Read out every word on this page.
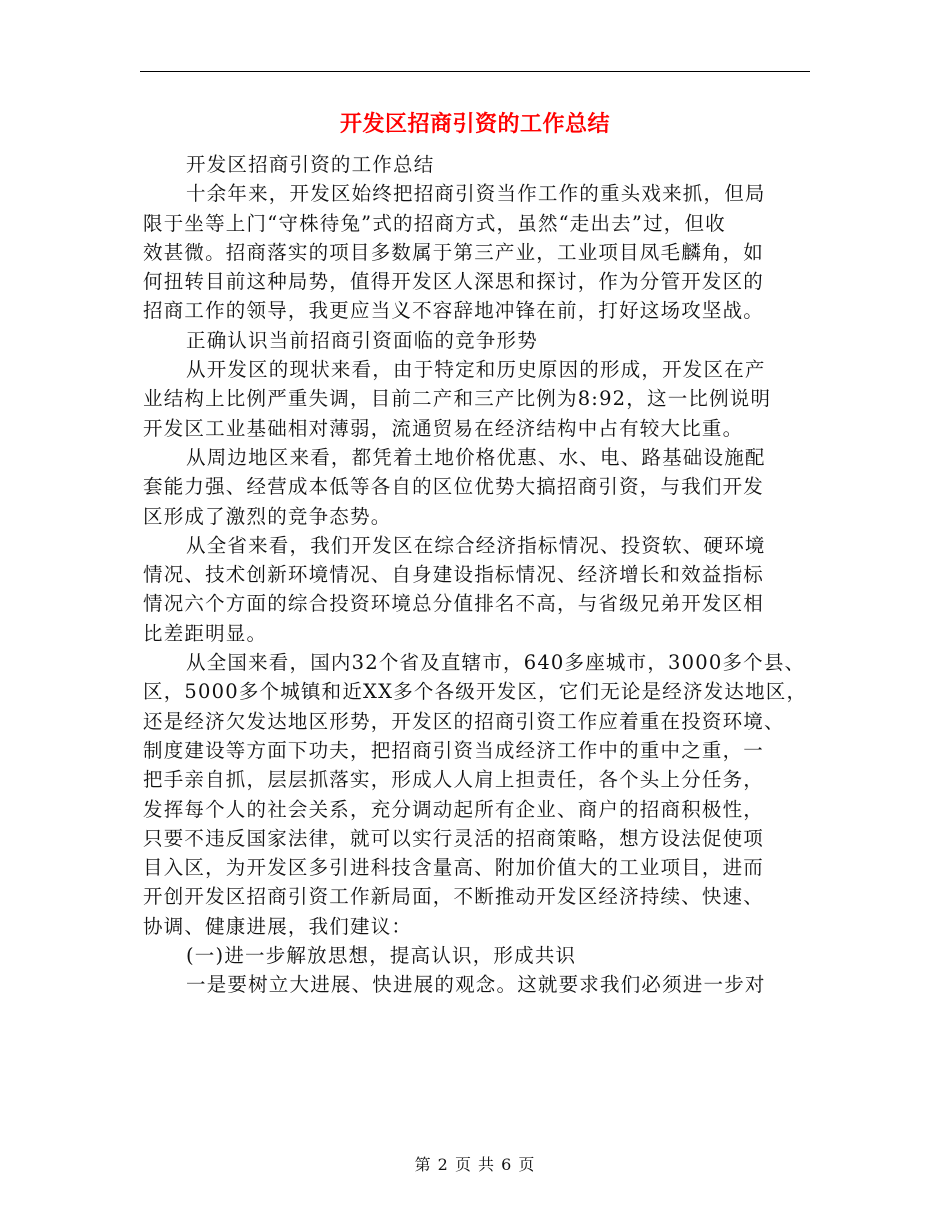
开发区招商引资的工作总结
开发区招商引资的工作总结
十余年来，开发区始终把招商引资当作工作的重头戏来抓，但局
限于坐等上门“守株待兔”式的招商方式，虽然“走出去”过，但收
效甚微。招商落实的项目多数属于第三产业，工业项目凤毛麟角，如
何扭转目前这种局势，值得开发区人深思和探讨，作为分管开发区的
招商工作的领导，我更应当义不容辞地冲锋在前，打好这场攻坚战。
正确认识当前招商引资面临的竞争形势
从开发区的现状来看，由于特定和历史原因的形成，开发区在产
业结构上比例严重失调，目前二产和三产比例为8:92，这一比例说明
开发区工业基础相对薄弱，流通贸易在经济结构中占有较大比重。
从周边地区来看，都凭着土地价格优惠、水、电、路基础设施配
套能力强、经营成本低等各自的区位优势大搞招商引资，与我们开发
区形成了激烈的竞争态势。
从全省来看，我们开发区在综合经济指标情况、投资软、硬环境
情况、技术创新环境情况、自身建设指标情况、经济增长和效益指标
情况六个方面的综合投资环境总分值排名不高，与省级兄弟开发区相
比差距明显。
从全国来看，国内32个省及直辖市，640多座城市，3000多个县、
区，5000多个城镇和近XX多个各级开发区，它们无论是经济发达地区，
还是经济欠发达地区形势，开发区的招商引资工作应着重在投资环境、
制度建设等方面下功夫，把招商引资当成经济工作中的重中之重，一
把手亲自抓，层层抓落实，形成人人肩上担责任，各个头上分任务，
发挥每个人的社会关系，充分调动起所有企业、商户的招商积极性，
只要不违反国家法律，就可以实行灵活的招商策略，想方设法促使项
目入区，为开发区多引进科技含量高、附加价值大的工业项目，进而
开创开发区招商引资工作新局面，不断推动开发区经济持续、快速、
协调、健康进展，我们建议：
(一)进一步解放思想，提高认识，形成共识
一是要树立大进展、快进展的观念。这就要求我们必须进一步对
第 2 页 共 6 页
